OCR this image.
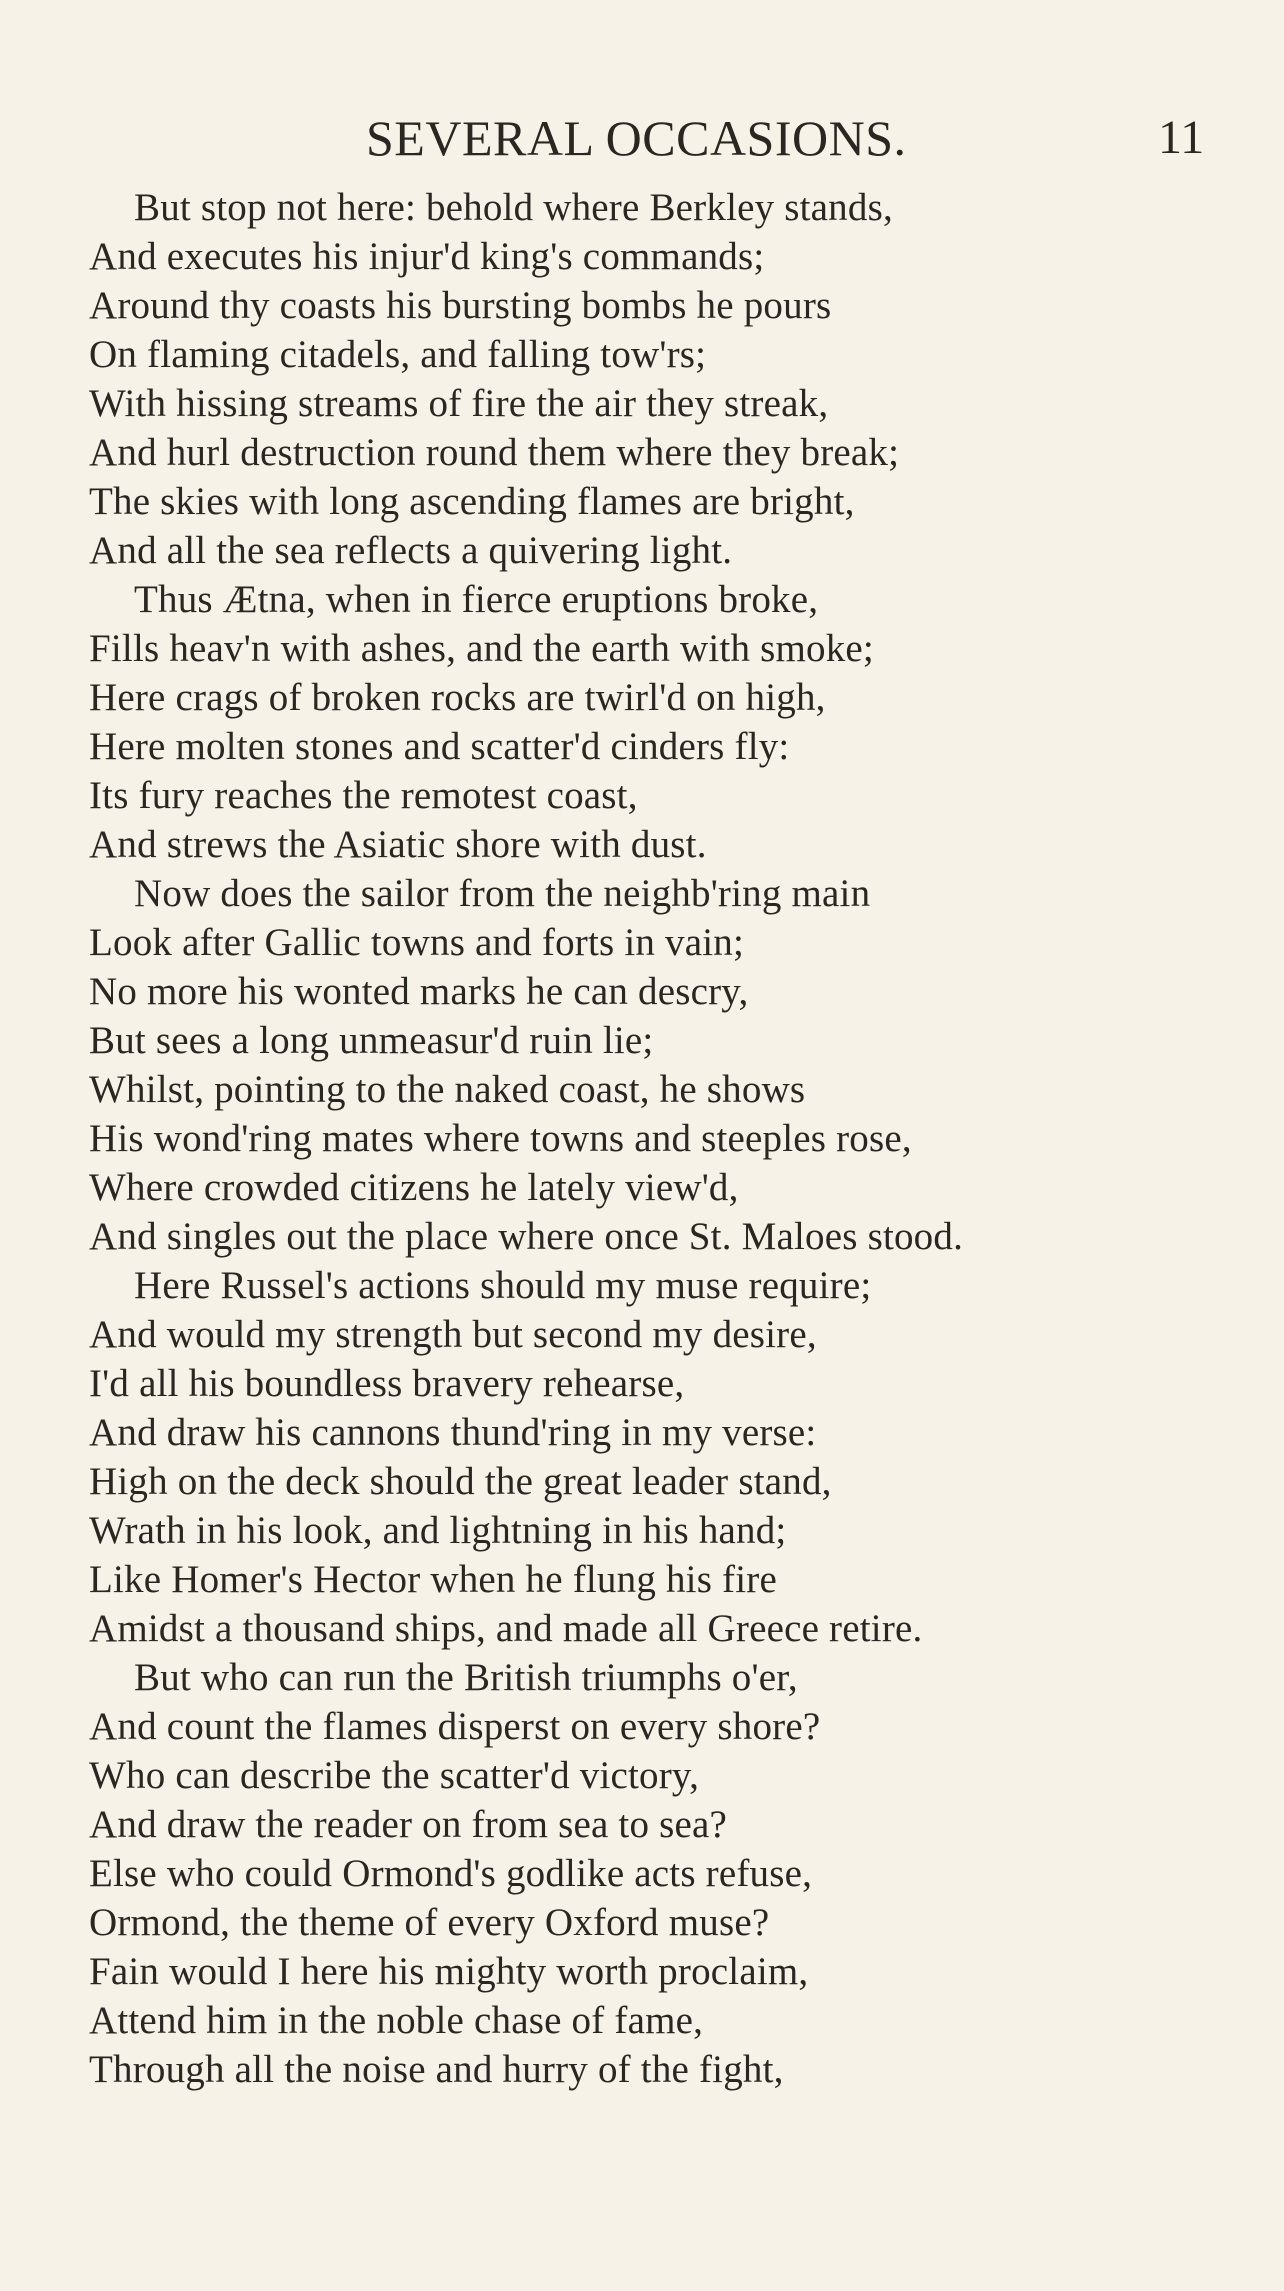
SEVERAL OCCASIONS.	11
But stop not here: behold where Berkley stands,
And executes his injur'd king's commands;
Around thy coasts his bursting bombs he pours
On flaming citadels, and falling tow'rs;
With hissing streams of fire the air they streak,
And hurl destruction round them where they break;
The skies with long ascending flames are bright,
And all the sea reflects a quivering light.
Thus Ætna, when in fierce eruptions broke,
Fills heav'n with ashes, and the earth with smoke;
Here crags of broken rocks are twirl'd on high,
Here molten stones and scatter'd cinders fly:
Its fury reaches the remotest coast,
And strews the Asiatic shore with dust.
Now does the sailor from the neighb'ring main
Look after Gallic towns and forts in vain;
No more his wonted marks he can descry,
But sees a long unmeasur'd ruin lie;
Whilst, pointing to the naked coast, he shows
His wond'ring mates where towns and steeples rose,
Where crowded citizens he lately view'd,
And singles out the place where once St. Maloes stood.
Here Russel's actions should my muse require;
And would my strength but second my desire,
I'd all his boundless bravery rehearse,
And draw his cannons thund'ring in my verse:
High on the deck should the great leader stand,
Wrath in his look, and lightning in his hand;
Like Homer's Hector when he flung his fire
Amidst a thousand ships, and made all Greece retire.
But who can run the British triumphs o'er,
And count the flames disperst on every shore?
Who can describe the scatter'd victory,
And draw the reader on from sea to sea?
Else who could Ormond's godlike acts refuse,
Ormond, the theme of every Oxford muse?
Fain would I here his mighty worth proclaim,
Attend him in the noble chase of fame,
Through all the noise and hurry of the fight,
